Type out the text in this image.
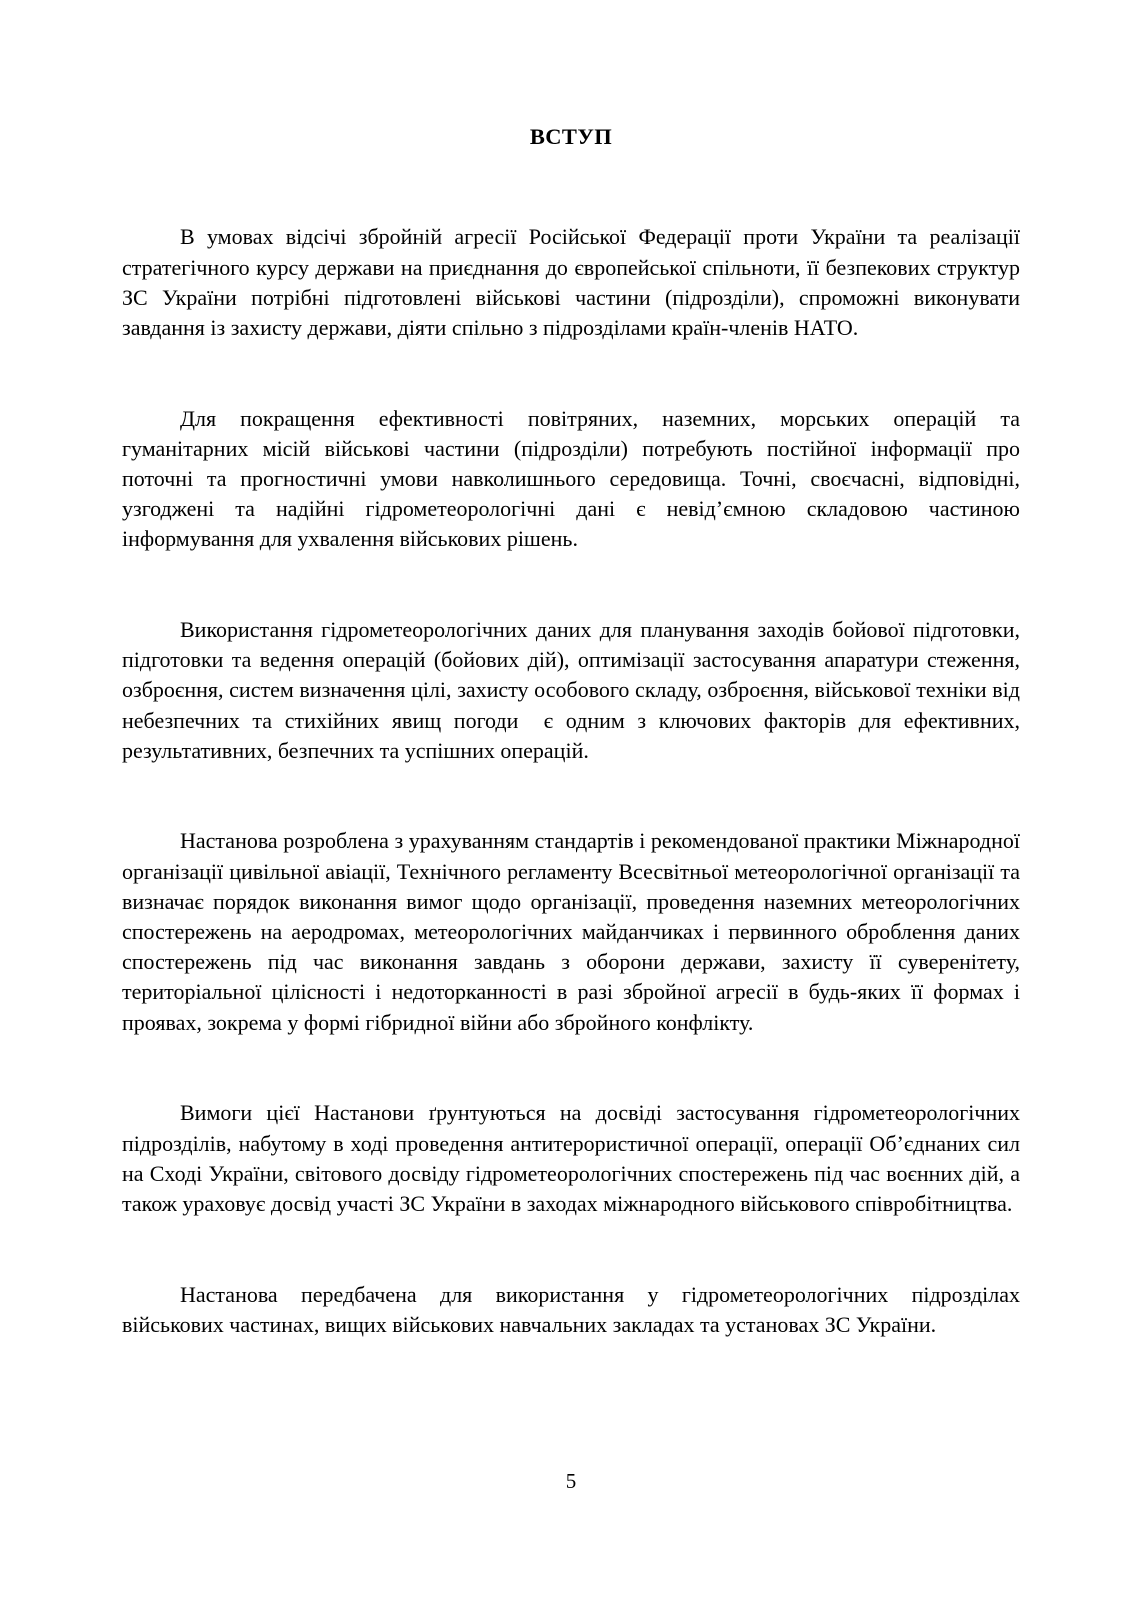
ВСТУП

В умовах відсічі збройній агресії Російської Федерації проти України та реалізації стратегічного курсу держави на приєднання до європейської спільноти, її безпекових структур ЗС України потрібні підготовлені військові частини (підрозділи), спроможні виконувати завдання із захисту держави, діяти спільно з підрозділами країн-членів НАТО.

Для покращення ефективності повітряних, наземних, морських операцій та гуманітарних місій військові частини (підрозділи) потребують постійної інформації про поточні та прогностичні умови навколишнього середовища. Точні, своєчасні, відповідні, узгоджені та надійні гідрометеорологічні дані є невід’ємною складовою частиною інформування для ухвалення військових рішень.

Використання гідрометеорологічних даних для планування заходів бойової підготовки, підготовки та ведення операцій (бойових дій), оптимізації застосування апаратури стеження, озброєння, систем визначення цілі, захисту особового складу, озброєння, військової техніки від небезпечних та стихійних явищ погоди  є одним з ключових факторів для ефективних, результативних, безпечних та успішних операцій.

Настанова розроблена з урахуванням стандартів і рекомендованої практики Міжнародної організації цивільної авіації, Технічного регламенту Всесвітньої метеорологічної організації та визначає порядок виконання вимог щодо організації, проведення наземних метеорологічних спостережень на аеродромах, метеорологічних майданчиках і первинного оброблення даних спостережень під час виконання завдань з оборони держави, захисту її суверенітету, територіальної цілісності і недоторканності в разі збройної агресії в будь-яких її формах і проявах, зокрема у формі гібридної війни або збройного конфлікту.

Вимоги цієї Настанови ґрунтуються на досвіді застосування гідрометеорологічних підрозділів, набутому в ході проведення антитерористичної операції, операції Об’єднаних сил на Сході України, світового досвіду гідрометеорологічних спостережень під час воєнних дій, а також ураховує досвід участі ЗС України в заходах міжнародного військового співробітництва.

Настанова передбачена для використання у гідрометеорологічних підрозділах військових частинах, вищих військових навчальних закладах та установах ЗС України.

5
